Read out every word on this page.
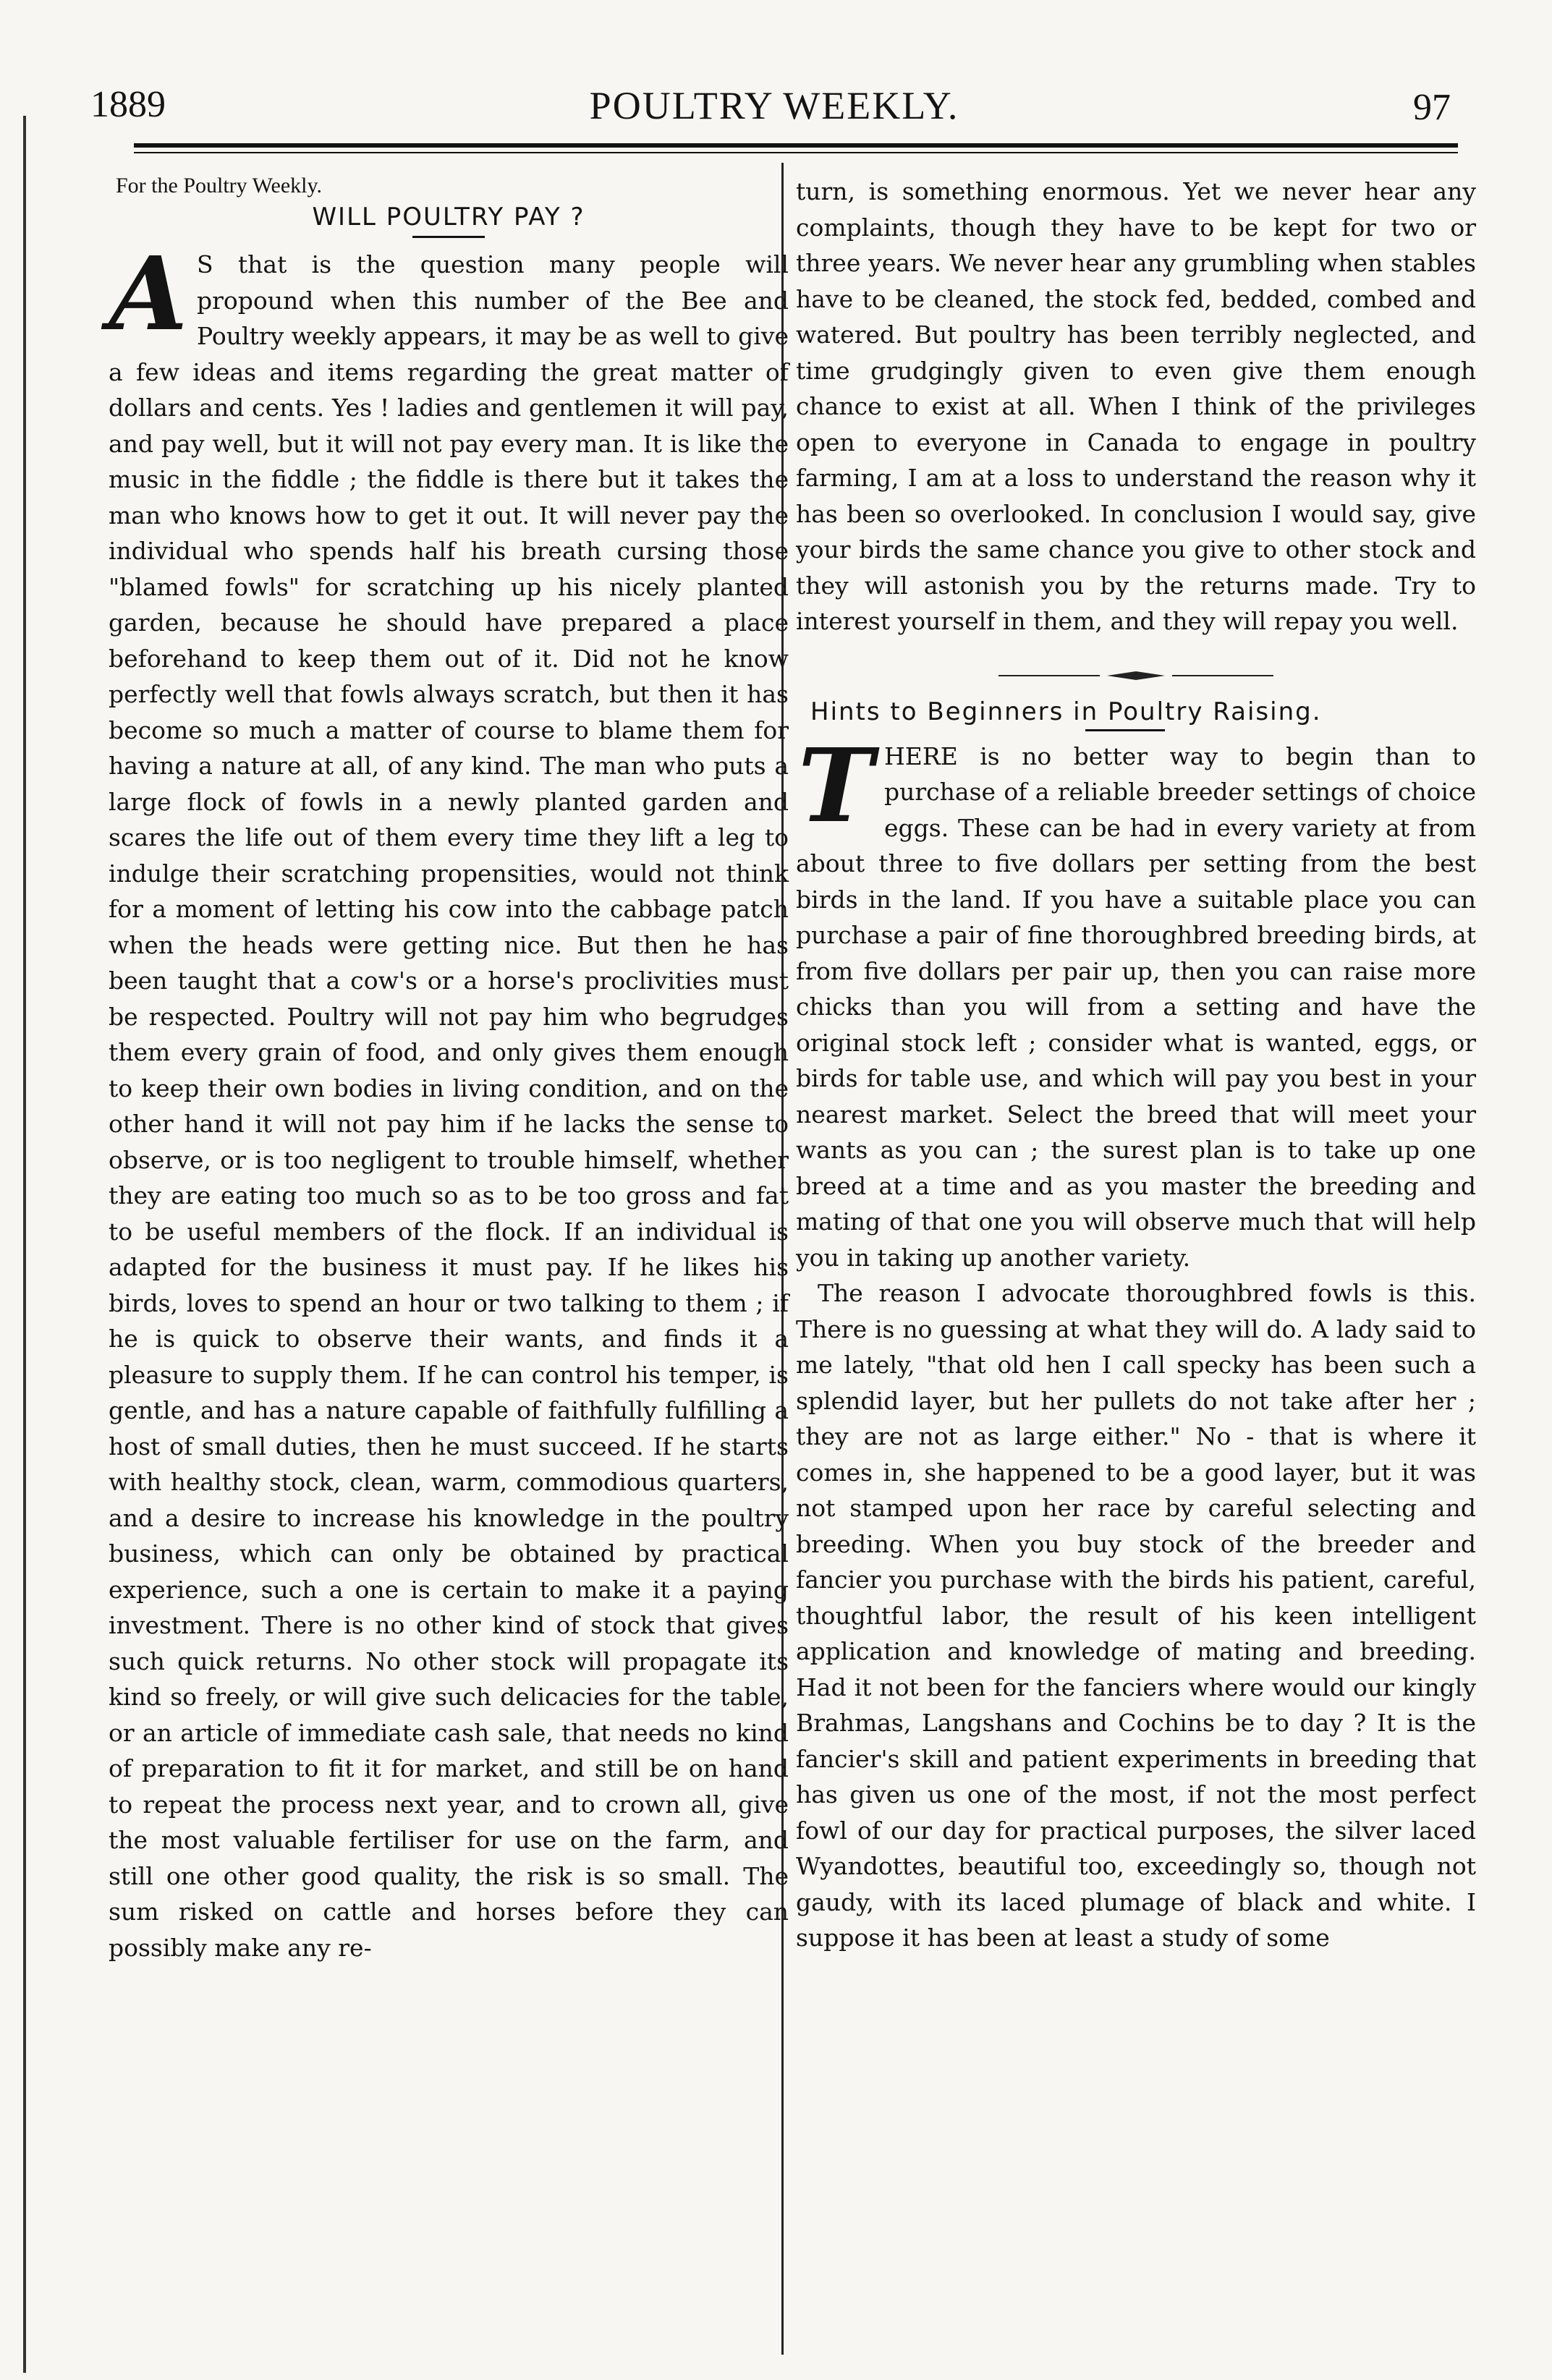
1889	POULTRY WEEKLY.	97
For the Poultry Weekly.
WILL POULTRY PAY ?

A S that is the question many people will propound when this number of the Bee and Poultry weekly appears, it may be as well to give a few ideas and items regarding the great matter of dollars and cents. Yes ! ladies and gentlemen it will pay, and pay well, but it will not pay every man. It is like the music in the fiddle ; the fiddle is there but it takes the man who knows how to get it out. It will never pay the individual who spends half his breath cursing those "blamed fowls" for scratching up his nicely planted garden, because he should have prepared a place beforehand to keep them out of it. Did not he know perfectly well that fowls always scratch, but then it has become so much a matter of course to blame them for having a nature at all, of any kind. The man who puts a large flock of fowls in a newly planted garden and scares the life out of them every time they lift a leg to indulge their scratching propensities, would not think for a moment of letting his cow into the cabbage patch when the heads were getting nice. But then he has been taught that a cow's or a horse's proclivities must be respected. Poultry will not pay him who begrudges them every grain of food, and only gives them enough to keep their own bodies in living condition, and on the other hand it will not pay him if he lacks the sense to observe, or is too negligent to trouble himself, whether they are eating too much so as to be too gross and fat to be useful members of the flock. If an individual is adapted for the business it must pay. If he likes his birds, loves to spend an hour or two talking to them ; if he is quick to observe their wants, and finds it a pleasure to supply them. If he can control his temper, is gentle, and has a nature capable of faithfully fulfilling a host of small duties, then he must succeed. If he starts with healthy stock, clean, warm, commodious quarters, and a desire to increase his knowledge in the poultry business, which can only be obtained by practical experience, such a one is certain to make it a paying investment. There is no other kind of stock that gives such quick returns. No other stock will propagate its kind so freely, or will give such delicacies for the table, or an article of immediate cash sale, that needs no kind of preparation to fit it for market, and still be on hand to repeat the process next year, and to crown all, give the most valuable fertiliser for use on the farm, and still one other good quality, the risk is so small. The sum risked on cattle and horses before they can possibly make any re-

turn, is something enormous. Yet we never hear any complaints, though they have to be kept for two or three years. We never hear any grumbling when stables have to be cleaned, the stock fed, bedded, combed and watered. But poultry has been terribly neglected, and time grudgingly given to even give them enough chance to exist at all. When I think of the privileges open to everyone in Canada to engage in poultry farming, I am at a loss to understand the reason why it has been so overlooked. In conclusion I would say, give your birds the same chance you give to other stock and they will astonish you by the returns made. Try to interest yourself in them, and they will repay you well.

Hints to Beginners in Poultry Raising.

THERE is no better way to begin than to purchase of a reliable breeder settings of choice eggs. These can be had in every variety at from about three to five dollars per setting from the best birds in the land. If you have a suitable place you can purchase a pair of fine thoroughbred breeding birds, at from five dollars per pair up, then you can raise more chicks than you will from a setting and have the original stock left ; consider what is wanted, eggs, or birds for table use, and which will pay you best in your nearest market. Select the breed that will meet your wants as you can ; the surest plan is to take up one breed at a time and as you master the breeding and mating of that one you will observe much that will help you in taking up another variety.

The reason I advocate thoroughbred fowls is this. There is no guessing at what they will do. A lady said to me lately, "that old hen I call specky has been such a splendid layer, but her pullets do not take after her ; they are not as large either." No - that is where it comes in, she happened to be a good layer, but it was not stamped upon her race by careful selecting and breeding. When you buy stock of the breeder and fancier you purchase with the birds his patient, careful, thoughtful labor, the result of his keen intelligent application and knowledge of mating and breeding. Had it not been for the fanciers where would our kingly Brahmas, Langshans and Cochins be to day ? It is the fancier's skill and patient experiments in breeding that has given us one of the most, if not the most perfect fowl of our day for practical purposes, the silver laced Wyandottes, beautiful too, exceedingly so, though not gaudy, with its laced plumage of black and white. I suppose it has been at least a study of some
